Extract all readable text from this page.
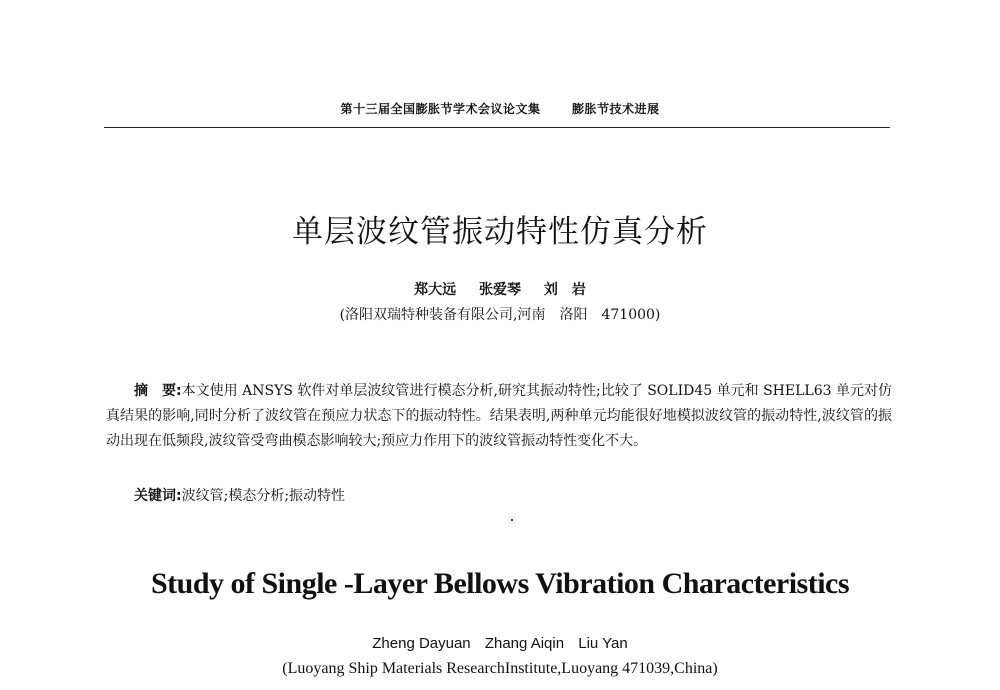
第十三届全国膨胀节学术会议论文集	膨胀节技术进展
单层波纹管振动特性仿真分析
郑大远 张爱琴 刘　岩
(洛阳双瑞特种装备有限公司,河南　洛阳　471000)
摘　要:本文使用 ANSYS 软件对单层波纹管进行模态分析,研究其振动特性;比较了 SOLID45 单元和 SHELL63 单元对仿真结果的影响,同时分析了波纹管在预应力状态下的振动特性。结果表明,两种单元均能很好地模拟波纹管的振动特性,波纹管的振动出现在低频段,波纹管受弯曲模态影响较大;预应力作用下的波纹管振动特性变化不大。
关键词:波纹管;模态分析;振动特性
Study of Single -Layer Bellows Vibration Characteristics
Zheng Dayuan Zhang Aiqin Liu Yan
(Luoyang Ship Materials ResearchInstitute,Luoyang 471039,China)
